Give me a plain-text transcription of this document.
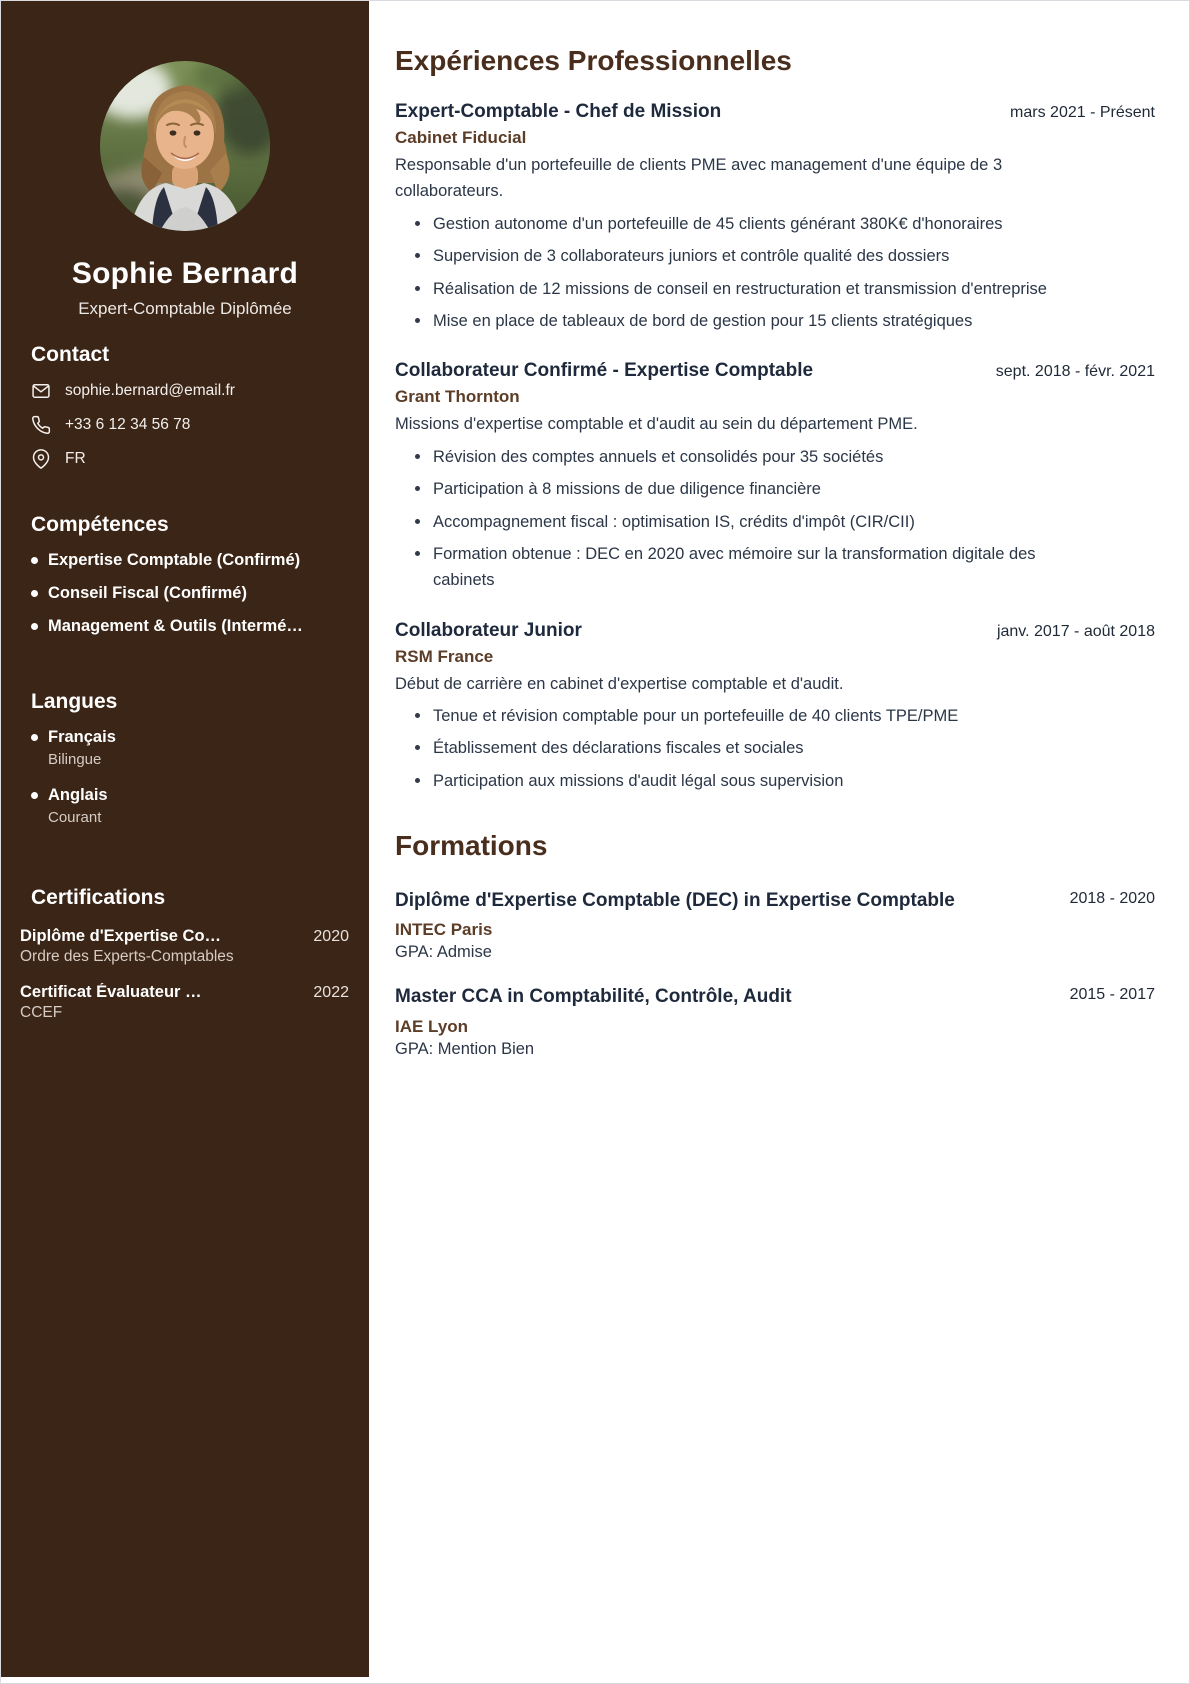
Sophie Bernard
Expert-Comptable Diplômée
Contact
sophie.bernard@email.fr
+33 6 12 34 56 78
FR
Compétences
Expertise Comptable (Confirmé)
Conseil Fiscal (Confirmé)
Management & Outils (Intermé…
Langues
Français
Bilingue
Anglais
Courant
Certifications
Diplôme d'Expertise Co…	2020
Ordre des Experts-Comptables
Certificat Évaluateur …	2022
CCEF
Expériences Professionnelles
Expert-Comptable - Chef de Mission	mars 2021 - Présent
Cabinet Fiducial
Responsable d'un portefeuille de clients PME avec management d'une équipe de 3 collaborateurs.
Gestion autonome d'un portefeuille de 45 clients générant 380K€ d'honoraires
Supervision de 3 collaborateurs juniors et contrôle qualité des dossiers
Réalisation de 12 missions de conseil en restructuration et transmission d'entreprise
Mise en place de tableaux de bord de gestion pour 15 clients stratégiques
Collaborateur Confirmé - Expertise Comptable	sept. 2018 - févr. 2021
Grant Thornton
Missions d'expertise comptable et d'audit au sein du département PME.
Révision des comptes annuels et consolidés pour 35 sociétés
Participation à 8 missions de due diligence financière
Accompagnement fiscal : optimisation IS, crédits d'impôt (CIR/CII)
Formation obtenue : DEC en 2020 avec mémoire sur la transformation digitale des cabinets
Collaborateur Junior	janv. 2017 - août 2018
RSM France
Début de carrière en cabinet d'expertise comptable et d'audit.
Tenue et révision comptable pour un portefeuille de 40 clients TPE/PME
Établissement des déclarations fiscales et sociales
Participation aux missions d'audit légal sous supervision
Formations
Diplôme d'Expertise Comptable (DEC) in Expertise Comptable	2018 - 2020
INTEC Paris
GPA: Admise
Master CCA in Comptabilité, Contrôle, Audit	2015 - 2017
IAE Lyon
GPA: Mention Bien
